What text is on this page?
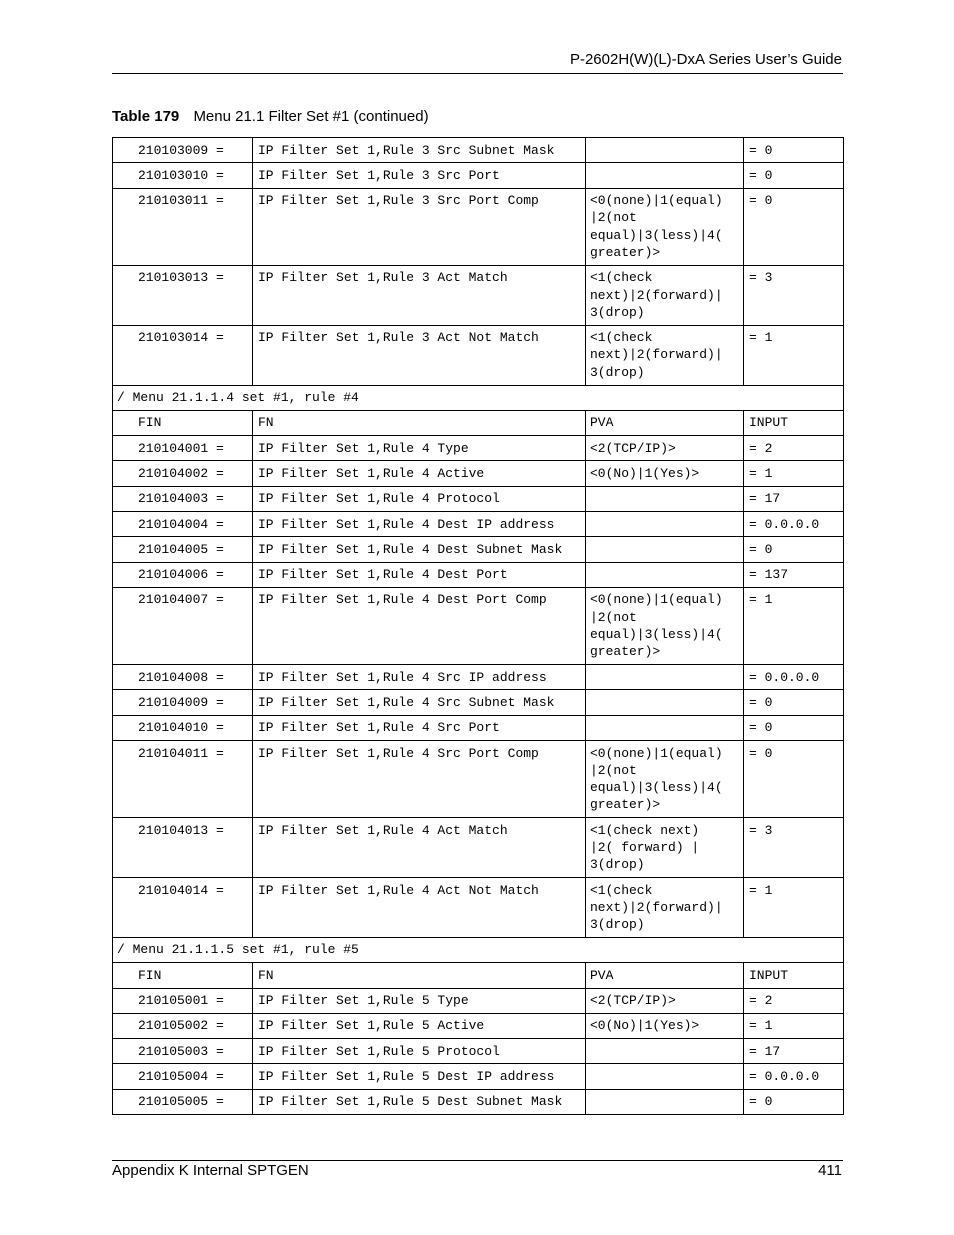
P-2602H(W)(L)-DxA Series User’s Guide
Table 179 Menu 21.1 Filter Set #1 (continued)
210103009 =	IP Filter Set 1,Rule 3 Src Subnet Mask		= 0
210103010 =	IP Filter Set 1,Rule 3 Src Port		= 0
210103011 =	IP Filter Set 1,Rule 3 Src Port Comp	<0(none)|1(equal)
|2(not
equal)|3(less)|4(
greater)>	= 0
210103013 =	IP Filter Set 1,Rule 3 Act Match	<1(check
next)|2(forward)|
3(drop)	= 3
210103014 =	IP Filter Set 1,Rule 3 Act Not Match	<1(check
next)|2(forward)|
3(drop)	= 1
/ Menu 21.1.1.4 set #1, rule #4			
FIN	FN	PVA	INPUT
210104001 =	IP Filter Set 1,Rule 4 Type	<2(TCP/IP)>	= 2
210104002 =	IP Filter Set 1,Rule 4 Active	<0(No)|1(Yes)>	= 1
210104003 =	IP Filter Set 1,Rule 4 Protocol		= 17
210104004 =	IP Filter Set 1,Rule 4 Dest IP address		= 0.0.0.0
210104005 =	IP Filter Set 1,Rule 4 Dest Subnet Mask		= 0
210104006 =	IP Filter Set 1,Rule 4 Dest Port		= 137
210104007 =	IP Filter Set 1,Rule 4 Dest Port Comp	<0(none)|1(equal)
|2(not
equal)|3(less)|4(
greater)>	= 1
210104008 =	IP Filter Set 1,Rule 4 Src IP address		= 0.0.0.0
210104009 =	IP Filter Set 1,Rule 4 Src Subnet Mask		= 0
210104010 =	IP Filter Set 1,Rule 4 Src Port		= 0
210104011 =	IP Filter Set 1,Rule 4 Src Port Comp	<0(none)|1(equal)
|2(not
equal)|3(less)|4(
greater)>	= 0
210104013 =	IP Filter Set 1,Rule 4 Act Match	<1(check next)
|2( forward) |
3(drop)	= 3
210104014 =	IP Filter Set 1,Rule 4 Act Not Match	<1(check
next)|2(forward)|
3(drop)	= 1
/ Menu 21.1.1.5 set #1, rule #5			
FIN	FN	PVA	INPUT
210105001 =	IP Filter Set 1,Rule 5 Type	<2(TCP/IP)>	= 2
210105002 =	IP Filter Set 1,Rule 5 Active	<0(No)|1(Yes)>	= 1
210105003 =	IP Filter Set 1,Rule 5 Protocol		= 17
210105004 =	IP Filter Set 1,Rule 5 Dest IP address		= 0.0.0.0
210105005 =	IP Filter Set 1,Rule 5 Dest Subnet Mask		= 0
Appendix K Internal SPTGEN	411
